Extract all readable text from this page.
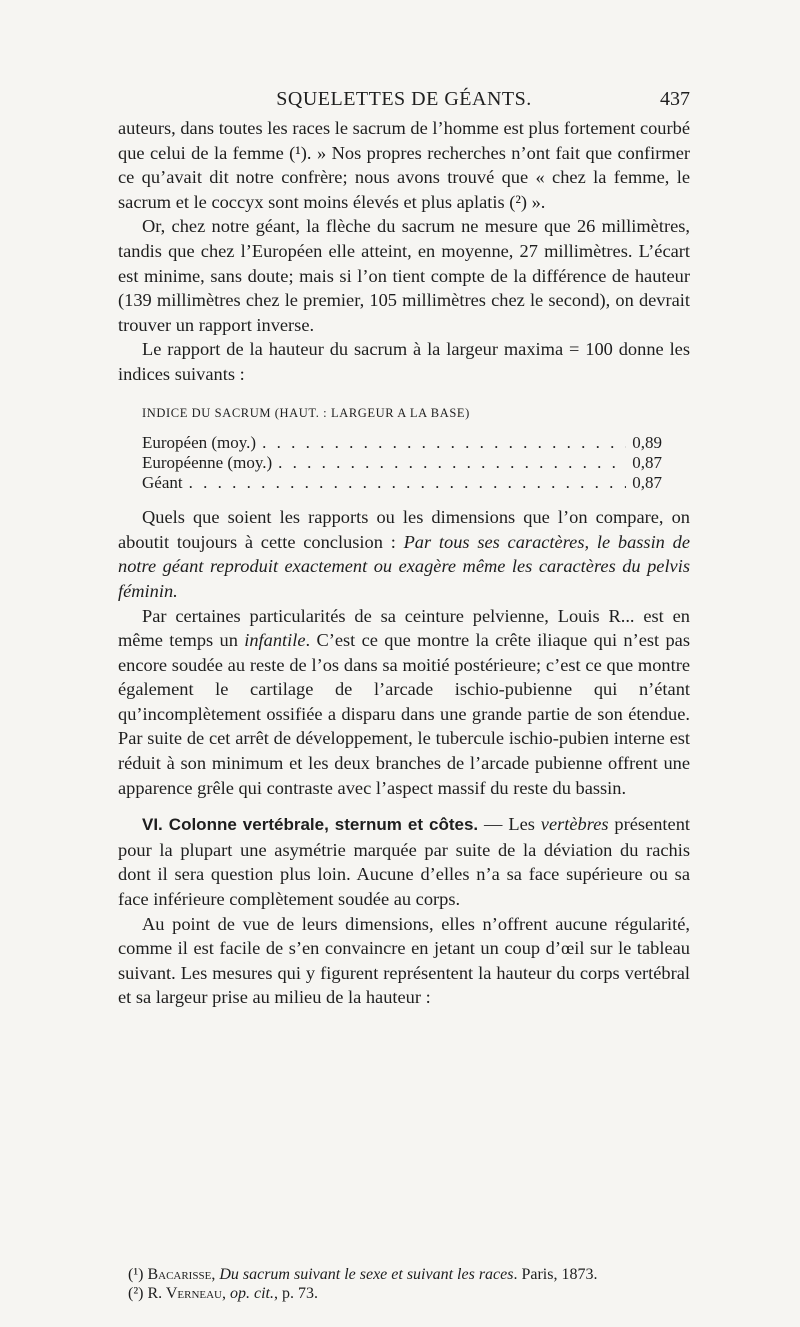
SQUELETTES DE GÉANTS.	437

auteurs, dans toutes les races le sacrum de l’homme est plus fortement courbé que celui de la femme (¹). » Nos propres recherches n’ont fait que confirmer ce qu’avait dit notre confrère; nous avons trouvé que « chez la femme, le sacrum et le coccyx sont moins élevés et plus aplatis (²) ».

Or, chez notre géant, la flèche du sacrum ne mesure que 26 millimètres, tandis que chez l’Européen elle atteint, en moyenne, 27 millimètres. L’écart est minime, sans doute; mais si l’on tient compte de la différence de hauteur (139 millimètres chez le premier, 105 millimètres chez le second), on devrait trouver un rapport inverse.

Le rapport de la hauteur du sacrum à la largeur maxima = 100 donne les indices suivants :

INDICE DU SACRUM (HAUT. : LARGEUR A LA BASE)
Européen (moy.) . . .	0,89
Européenne (moy.) . . .	0,87
Géant . . .	0,87

Quels que soient les rapports ou les dimensions que l’on compare, on aboutit toujours à cette conclusion : Par tous ses caractères, le bassin de notre géant reproduit exactement ou exagère même les caractères du pelvis féminin.

Par certaines particularités de sa ceinture pelvienne, Louis R... est en même temps un infantile. C’est ce que montre la crête iliaque qui n’est pas encore soudée au reste de l’os dans sa moitié postérieure; c’est ce que montre également le cartilage de l’arcade ischio-pubienne qui n’étant qu’incomplètement ossifiée a disparu dans une grande partie de son étendue. Par suite de cet arrêt de développement, le tubercule ischio-pubien interne est réduit à son minimum et les deux branches de l’arcade pubienne offrent une apparence grêle qui contraste avec l’aspect massif du reste du bassin.

VI. Colonne vertébrale, sternum et côtes. — Les vertèbres présentent pour la plupart une asymétrie marquée par suite de la déviation du rachis dont il sera question plus loin. Aucune d’elles n’a sa face supérieure ou sa face inférieure complètement soudée au corps.

Au point de vue de leurs dimensions, elles n’offrent aucune régularité, comme il est facile de s’en convaincre en jetant un coup d’œil sur le tableau suivant. Les mesures qui y figurent représentent la hauteur du corps vertébral et sa largeur prise au milieu de la hauteur :

(¹) Bacarisse, Du sacrum suivant le sexe et suivant les races. Paris, 1873.

(²) R. Verneau, op. cit., p. 73.
